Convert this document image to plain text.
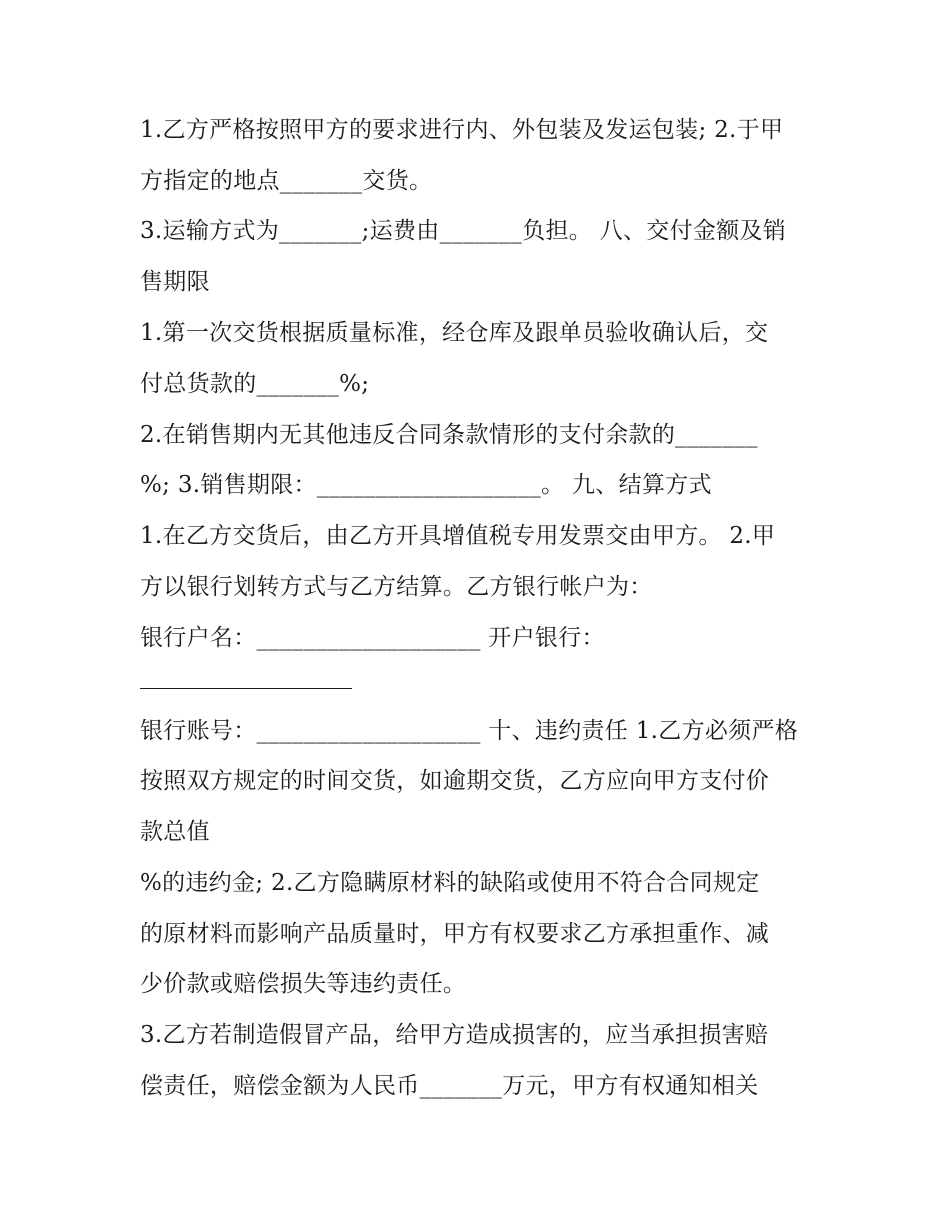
1.乙方严格按照甲方的要求进行内、外包装及发运包装; 2.于甲
方指定的地点_______交货。
3.运输方式为_______;运费由_______负担。 八、交付金额及销
售期限
1.第一次交货根据质量标准，经仓库及跟单员验收确认后，交
付总货款的_______%;
2.在销售期内无其他违反合同条款情形的支付余款的_______
%; 3.销售期限：___________________。 九、结算方式
1.在乙方交货后，由乙方开具增值税专用发票交由甲方。 2.甲
方以银行划转方式与乙方结算。乙方银行帐户为：
银行户名：___________________ 开户银行：
银行账号：___________________ 十、违约责任 1.乙方必须严格
按照双方规定的时间交货，如逾期交货，乙方应向甲方支付价
款总值
%的违约金; 2.乙方隐瞒原材料的缺陷或使用不符合合同规定
的原材料而影响产品质量时，甲方有权要求乙方承担重作、减
少价款或赔偿损失等违约责任。
3.乙方若制造假冒产品，给甲方造成损害的，应当承担损害赔
偿责任，赔偿金额为人民币_______万元，甲方有权通知相关
